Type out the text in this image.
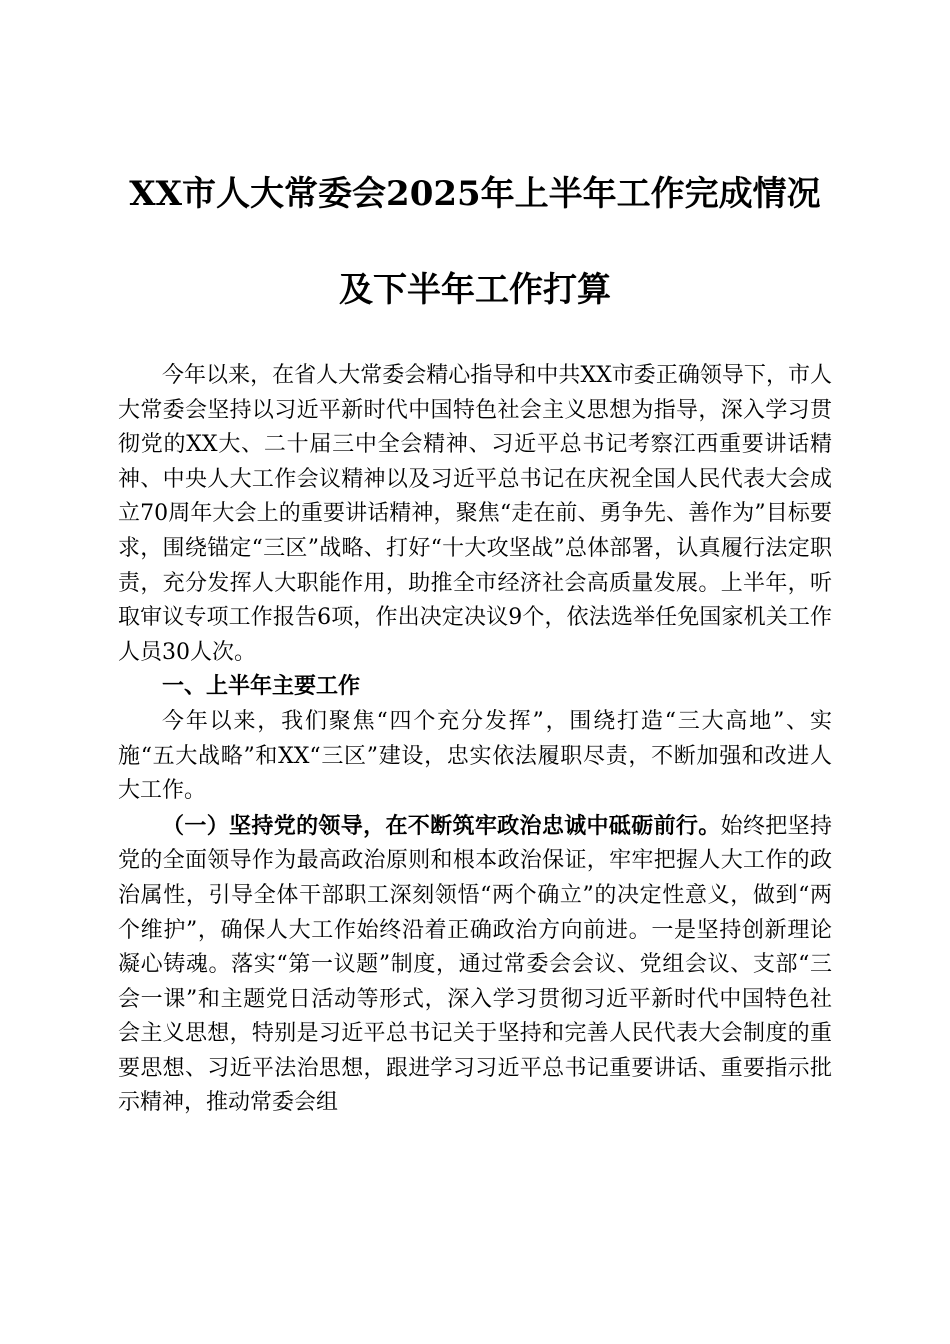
XX市人大常委会2025年上半年工作完成情况
及下半年工作打算

今年以来，在省人大常委会精心指导和中共XX市委正确领导下，市人大常委会坚持以习近平新时代中国特色社会主义思想为指导，深入学习贯彻党的XX大、二十届三中全会精神、习近平总书记考察江西重要讲话精神、中央人大工作会议精神以及习近平总书记在庆祝全国人民代表大会成立70周年大会上的重要讲话精神，聚焦“走在前、勇争先、善作为”目标要求，围绕锚定“三区”战略、打好“十大攻坚战”总体部署，认真履行法定职责，充分发挥人大职能作用，助推全市经济社会高质量发展。上半年，听取审议专项工作报告6项，作出决定决议9个，依法选举任免国家机关工作人员30人次。

一、上半年主要工作

今年以来，我们聚焦“四个充分发挥”，围绕打造“三大高地”、实施“五大战略”和XX“三区”建设，忠实依法履职尽责，不断加强和改进人大工作。

（一）坚持党的领导，在不断筑牢政治忠诚中砥砺前行。始终把坚持党的全面领导作为最高政治原则和根本政治保证，牢牢把握人大工作的政治属性，引导全体干部职工深刻领悟“两个确立”的决定性意义，做到“两个维护”，确保人大工作始终沿着正确政治方向前进。一是坚持创新理论凝心铸魂。落实“第一议题”制度，通过常委会会议、党组会议、支部“三会一课”和主题党日活动等形式，深入学习贯彻习近平新时代中国特色社会主义思想，特别是习近平总书记关于坚持和完善人民代表大会制度的重要思想、习近平法治思想，跟进学习习近平总书记重要讲话、重要指示批示精神，推动常委会组
